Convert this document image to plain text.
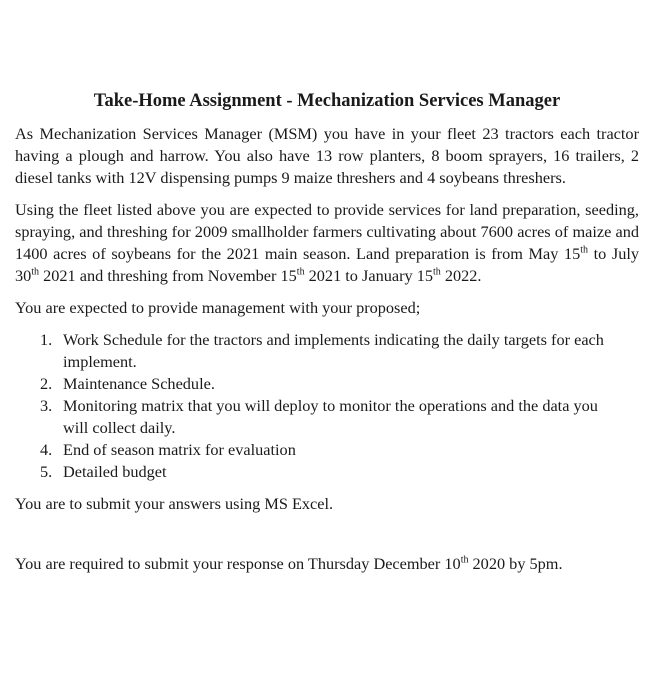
Take-Home Assignment - Mechanization Services Manager

As Mechanization Services Manager (MSM) you have in your fleet 23 tractors each tractor having a plough and harrow. You also have 13 row planters, 8 boom sprayers, 16 trailers, 2 diesel tanks with 12V dispensing pumps 9 maize threshers and 4 soybeans threshers.

Using the fleet listed above you are expected to provide services for land preparation, seeding, spraying, and threshing for 2009 smallholder farmers cultivating about 7600 acres of maize and 1400 acres of soybeans for the 2021 main season. Land preparation is from May 15th to July 30th 2021 and threshing from November 15th 2021 to January 15th 2022.

You are expected to provide management with your proposed;

1. Work Schedule for the tractors and implements indicating the daily targets for each implement.
2. Maintenance Schedule.
3. Monitoring matrix that you will deploy to monitor the operations and the data you will collect daily.
4. End of season matrix for evaluation
5. Detailed budget

You are to submit your answers using MS Excel.

You are required to submit your response on Thursday December 10th 2020 by 5pm.
